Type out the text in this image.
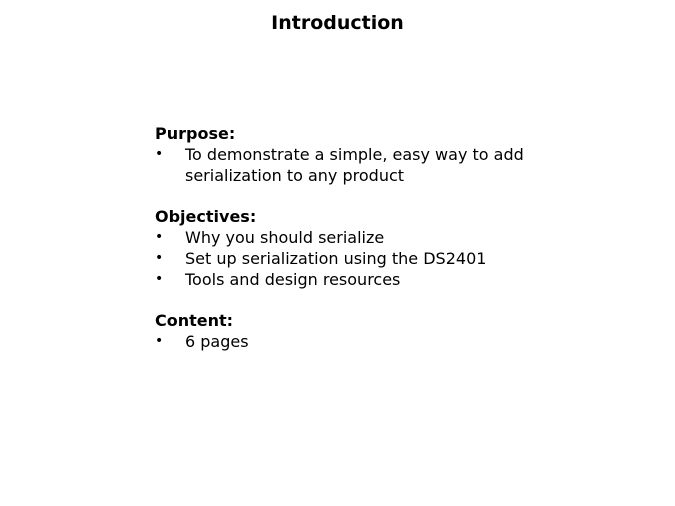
Introduction
Purpose:
• To demonstrate a simple, easy way to add serialization to any product
Objectives:
• Why you should serialize
• Set up serialization using the DS2401
• Tools and design resources
Content:
• 6 pages
